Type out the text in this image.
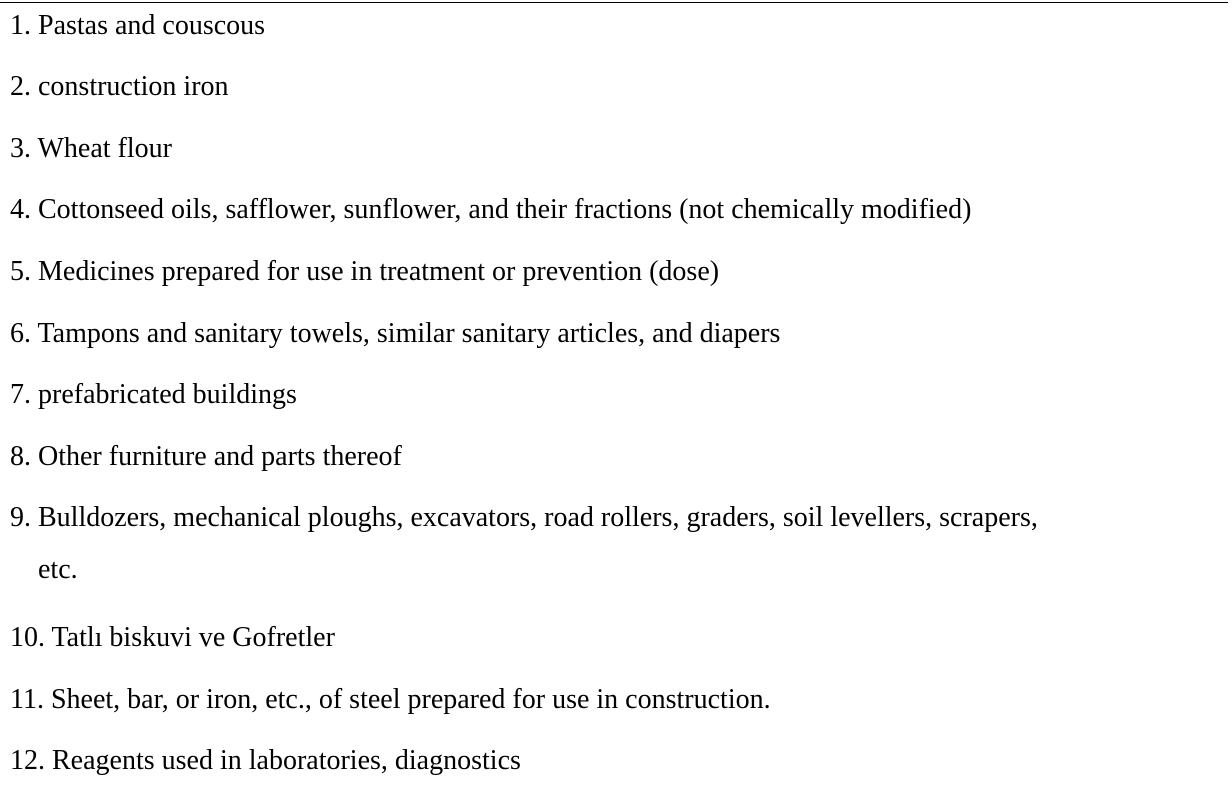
1. Pastas and couscous
2. construction iron
3. Wheat flour
4. Cottonseed oils, safflower, sunflower, and their fractions (not chemically modified)
5. Medicines prepared for use in treatment or prevention (dose)
6. Tampons and sanitary towels, similar sanitary articles, and diapers
7. prefabricated buildings
8. Other furniture and parts thereof
9. Bulldozers, mechanical ploughs, excavators, road rollers, graders, soil levellers, scrapers,
etc.
10. Tatlı biskuvi ve Gofretler
11. Sheet, bar, or iron, etc., of steel prepared for use in construction.
12. Reagents used in laboratories, diagnostics
